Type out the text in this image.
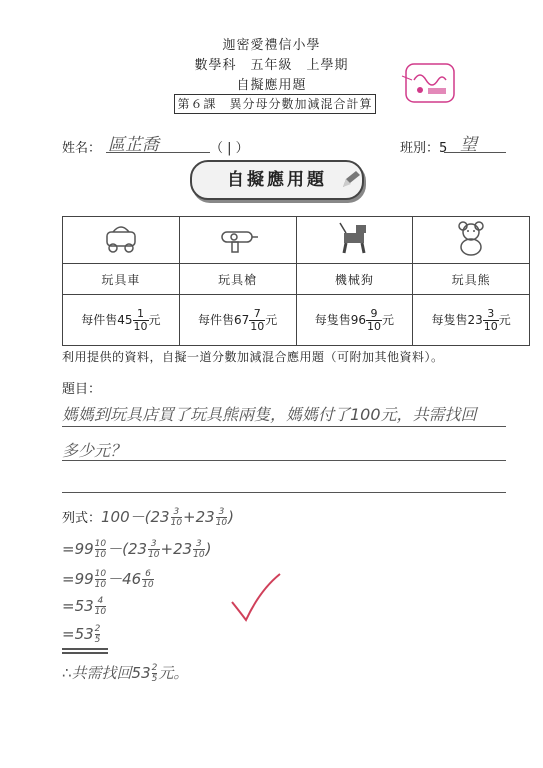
迦密愛禮信小學
數學科　五年級　上學期
自擬應用題
第６課　異分母分數加減混合計算
姓名： 區芷喬	（ | ）	班別：5 望
自擬應用題

玩具車	玩具槍	機械狗	玩具熊
每件售$45 \frac{1}{10}$ 元	每件售$67 \frac{7}{10}$ 元	每隻售$96 \frac{9}{10}$ 元	每隻售$23 \frac{3}{10}$ 元
利用提供的資料，自擬一道分數加減混合應用題（可附加其他資料）。
題目：
媽媽到玩具店買了玩具熊兩隻，媽媽付了100元，共需找回
多少元？
列式：$100-(23 \frac{3}{10} +23 \frac{3}{10}$ )
$=99 \frac{10}{10} -(23 \frac{3}{10} +23 \frac{3}{10}$ )
$=99 \frac{10}{10} -46 \frac{6}{10}$
$=53 \frac{4}{10}$
$=53 \frac{2}{5}$
∴共需找回$53 \frac{2}{5}$ 元。
